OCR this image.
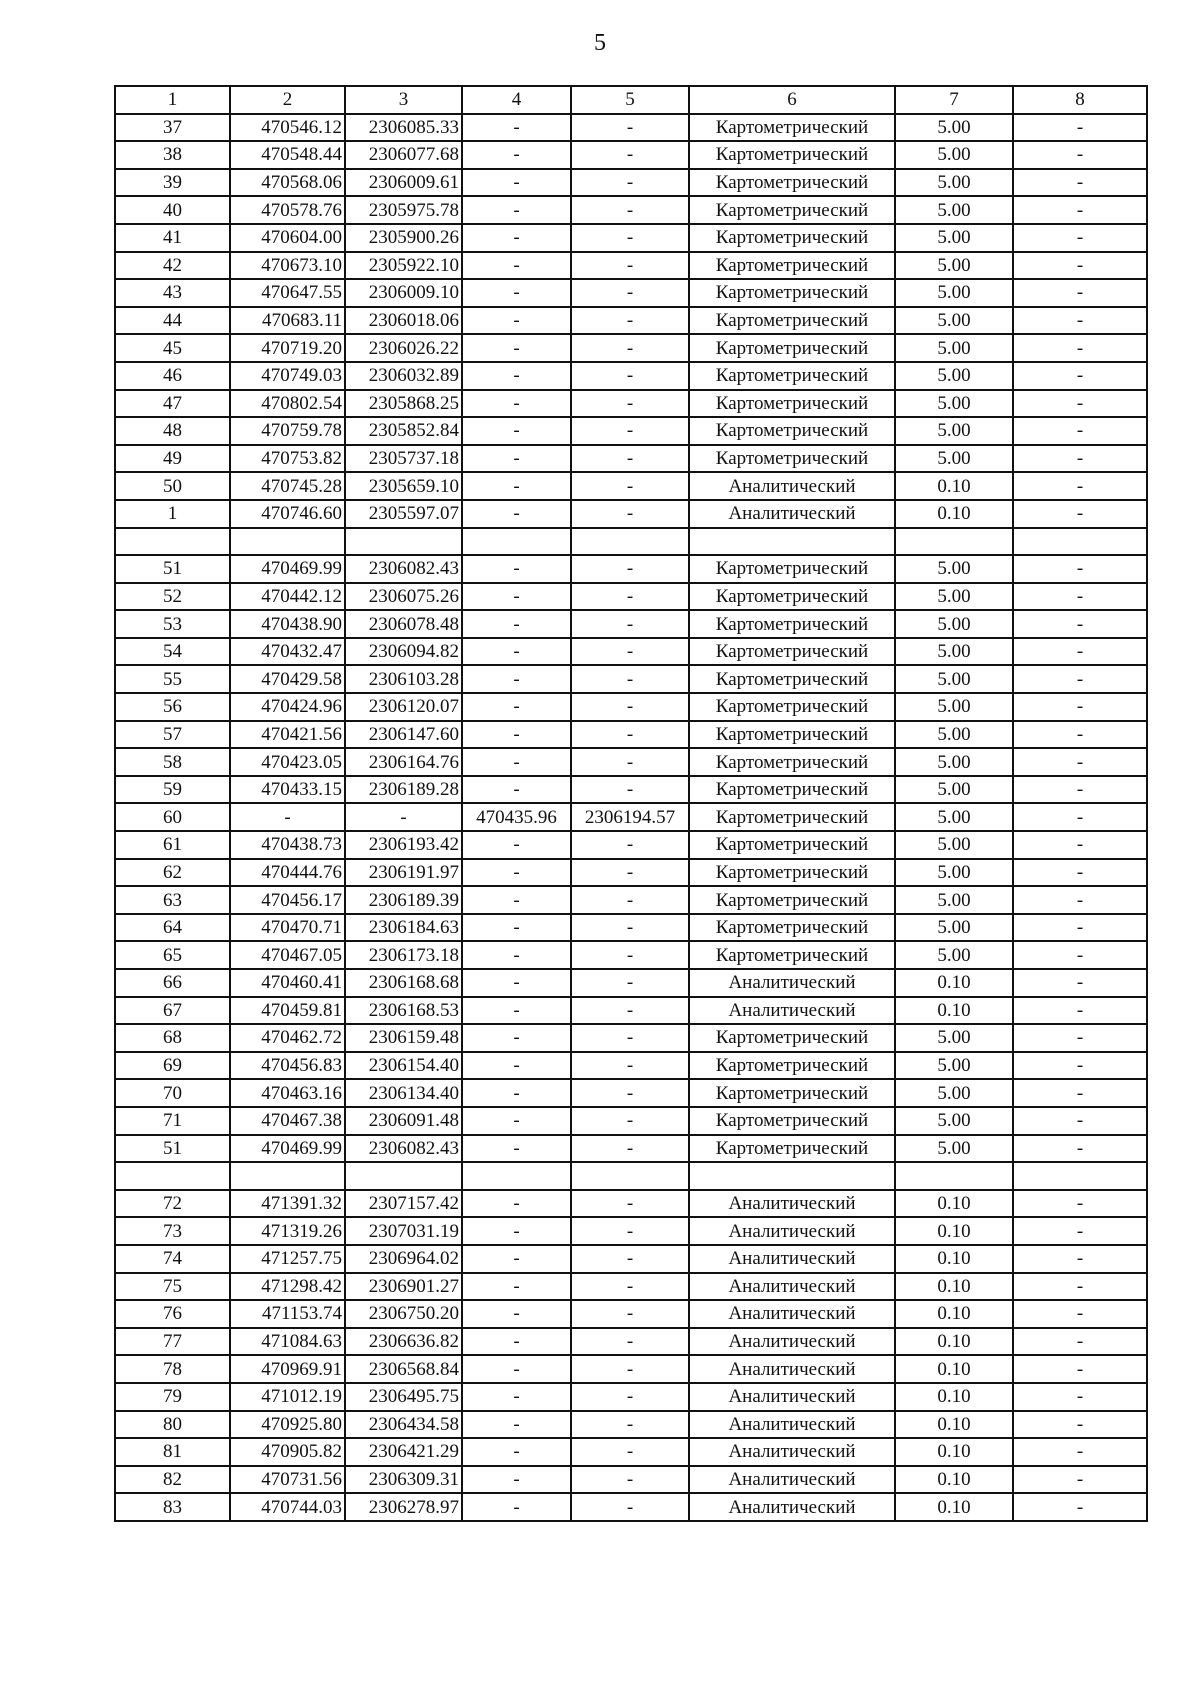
5
1	2	3	4	5	6	7	8
37	470546.12	2306085.33	-	-	Картометрический	5.00	-
38	470548.44	2306077.68	-	-	Картометрический	5.00	-
39	470568.06	2306009.61	-	-	Картометрический	5.00	-
40	470578.76	2305975.78	-	-	Картометрический	5.00	-
41	470604.00	2305900.26	-	-	Картометрический	5.00	-
42	470673.10	2305922.10	-	-	Картометрический	5.00	-
43	470647.55	2306009.10	-	-	Картометрический	5.00	-
44	470683.11	2306018.06	-	-	Картометрический	5.00	-
45	470719.20	2306026.22	-	-	Картометрический	5.00	-
46	470749.03	2306032.89	-	-	Картометрический	5.00	-
47	470802.54	2305868.25	-	-	Картометрический	5.00	-
48	470759.78	2305852.84	-	-	Картометрический	5.00	-
49	470753.82	2305737.18	-	-	Картометрический	5.00	-
50	470745.28	2305659.10	-	-	Аналитический	0.10	-
1	470746.60	2305597.07	-	-	Аналитический	0.10	-

51	470469.99	2306082.43	-	-	Картометрический	5.00	-
52	470442.12	2306075.26	-	-	Картометрический	5.00	-
53	470438.90	2306078.48	-	-	Картометрический	5.00	-
54	470432.47	2306094.82	-	-	Картометрический	5.00	-
55	470429.58	2306103.28	-	-	Картометрический	5.00	-
56	470424.96	2306120.07	-	-	Картометрический	5.00	-
57	470421.56	2306147.60	-	-	Картометрический	5.00	-
58	470423.05	2306164.76	-	-	Картометрический	5.00	-
59	470433.15	2306189.28	-	-	Картометрический	5.00	-
60	-	-	470435.96	2306194.57	Картометрический	5.00	-
61	470438.73	2306193.42	-	-	Картометрический	5.00	-
62	470444.76	2306191.97	-	-	Картометрический	5.00	-
63	470456.17	2306189.39	-	-	Картометрический	5.00	-
64	470470.71	2306184.63	-	-	Картометрический	5.00	-
65	470467.05	2306173.18	-	-	Картометрический	5.00	-
66	470460.41	2306168.68	-	-	Аналитический	0.10	-
67	470459.81	2306168.53	-	-	Аналитический	0.10	-
68	470462.72	2306159.48	-	-	Картометрический	5.00	-
69	470456.83	2306154.40	-	-	Картометрический	5.00	-
70	470463.16	2306134.40	-	-	Картометрический	5.00	-
71	470467.38	2306091.48	-	-	Картометрический	5.00	-
51	470469.99	2306082.43	-	-	Картометрический	5.00	-

72	471391.32	2307157.42	-	-	Аналитический	0.10	-
73	471319.26	2307031.19	-	-	Аналитический	0.10	-
74	471257.75	2306964.02	-	-	Аналитический	0.10	-
75	471298.42	2306901.27	-	-	Аналитический	0.10	-
76	471153.74	2306750.20	-	-	Аналитический	0.10	-
77	471084.63	2306636.82	-	-	Аналитический	0.10	-
78	470969.91	2306568.84	-	-	Аналитический	0.10	-
79	471012.19	2306495.75	-	-	Аналитический	0.10	-
80	470925.80	2306434.58	-	-	Аналитический	0.10	-
81	470905.82	2306421.29	-	-	Аналитический	0.10	-
82	470731.56	2306309.31	-	-	Аналитический	0.10	-
83	470744.03	2306278.97	-	-	Аналитический	0.10	-
